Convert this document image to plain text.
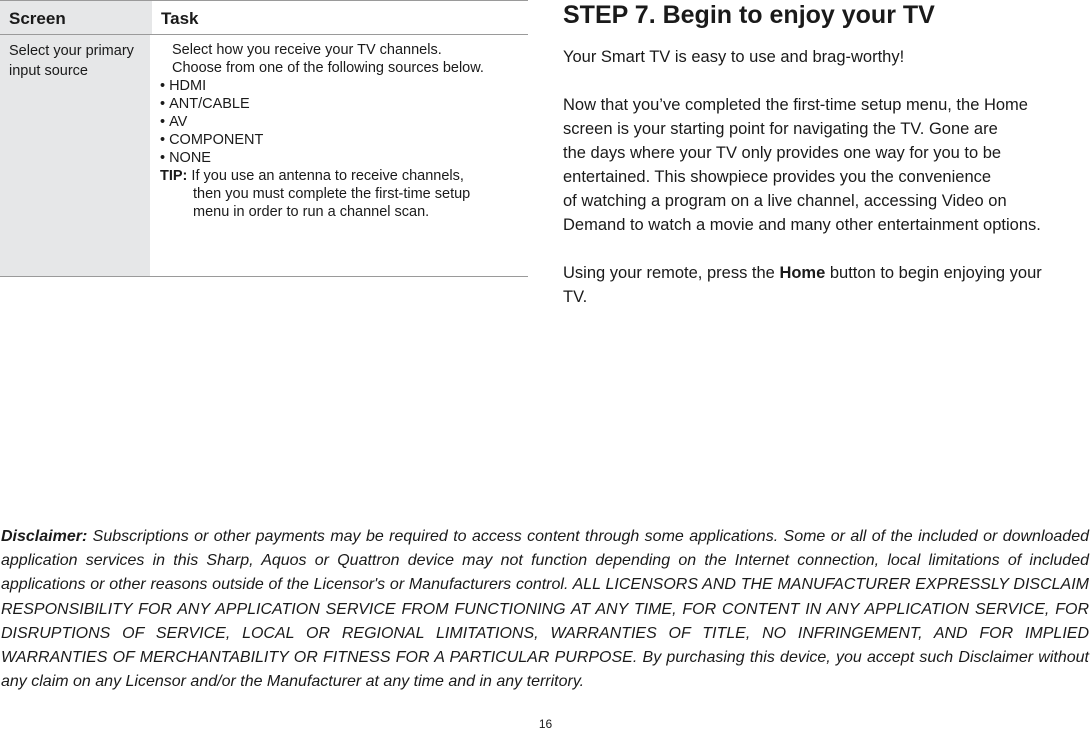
Screen	Task
Select your primary input source
Select how you receive your TV channels.
Choose from one of the following sources below.
• HDMI
• ANT/CABLE
• AV
• COMPONENT
• NONE
TIP: If you use an antenna to receive channels,
then you must complete the first-time setup
menu in order to run a channel scan.
STEP 7. Begin to enjoy your TV
Your Smart TV is easy to use and brag-worthy!
Now that you’ve completed the first-time setup menu, the Home
screen is your starting point for navigating the TV. Gone are
the days where your TV only provides one way for you to be
entertained. This showpiece provides you the convenience
of watching a program on a live channel, accessing Video on
Demand to watch a movie and many other entertainment options.
Using your remote, press the Home button to begin enjoying your
TV.
Disclaimer: Subscriptions or other payments may be required to access content through some applications. Some or all of the included or downloaded application services in this Sharp, Aquos or Quattron device may not function depending on the Internet connection, local limitations of included applications or other reasons outside of the Licensor's or Manufacturers control. ALL LICENSORS AND THE MANUFACTURER EXPRESSLY DISCLAIM RESPONSIBILITY FOR ANY APPLICATION SERVICE FROM FUNCTIONING AT ANY TIME, FOR CONTENT IN ANY APPLICATION SERVICE, FOR DISRUPTIONS OF SERVICE, LOCAL OR REGIONAL LIMITATIONS, WARRANTIES OF TITLE, NO INFRINGEMENT, AND FOR IMPLIED WARRANTIES OF MERCHANTABILITY OR FITNESS FOR A PARTICULAR PURPOSE. By purchasing this device, you accept such Disclaimer without any claim on any Licensor and/or the Manufacturer at any time and in any territory.
16
